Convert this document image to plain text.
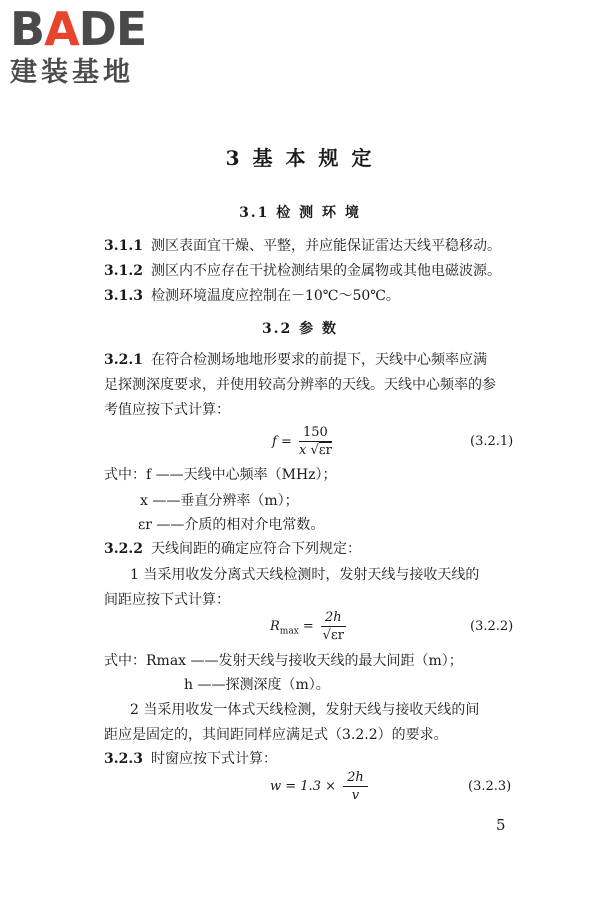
BADE
建装基地
3 基 本 规 定
3.1 检 测 环 境
3.1.1 测区表面宜干燥、平整，并应能保证雷达天线平稳移动。
3.1.2 测区内不应存在干扰检测结果的金属物或其他电磁波源。
3.1.3 检测环境温度应控制在－10℃～50℃。
3.2 参 数
3.2.1 在符合检测场地地形要求的前提下，天线中心频率应满
足探测深度要求，并使用较高分辨率的天线。天线中心频率的参
考值应按下式计算：
$f = \frac{150}{x √\varepsilon r}$	(3.2.1)
式中：f ——天线中心频率（MHz）；
x ——垂直分辨率（m）；
εr ——介质的相对介电常数。
3.2.2 天线间距的确定应符合下列规定：
1 当采用收发分离式天线检测时，发射天线与接收天线的
间距应按下式计算：
$R_{max} = \frac{2h}{√\varepsilon r}$	(3.2.2)
式中：Rmax ——发射天线与接收天线的最大间距（m）；
h ——探测深度（m）。
2 当采用收发一体式天线检测，发射天线与接收天线的间
距应是固定的，其间距同样应满足式（3.2.2）的要求。
3.2.3 时窗应按下式计算：
$w = 1.3 \times \frac{2h}{v}$	(3.2.3)
5
